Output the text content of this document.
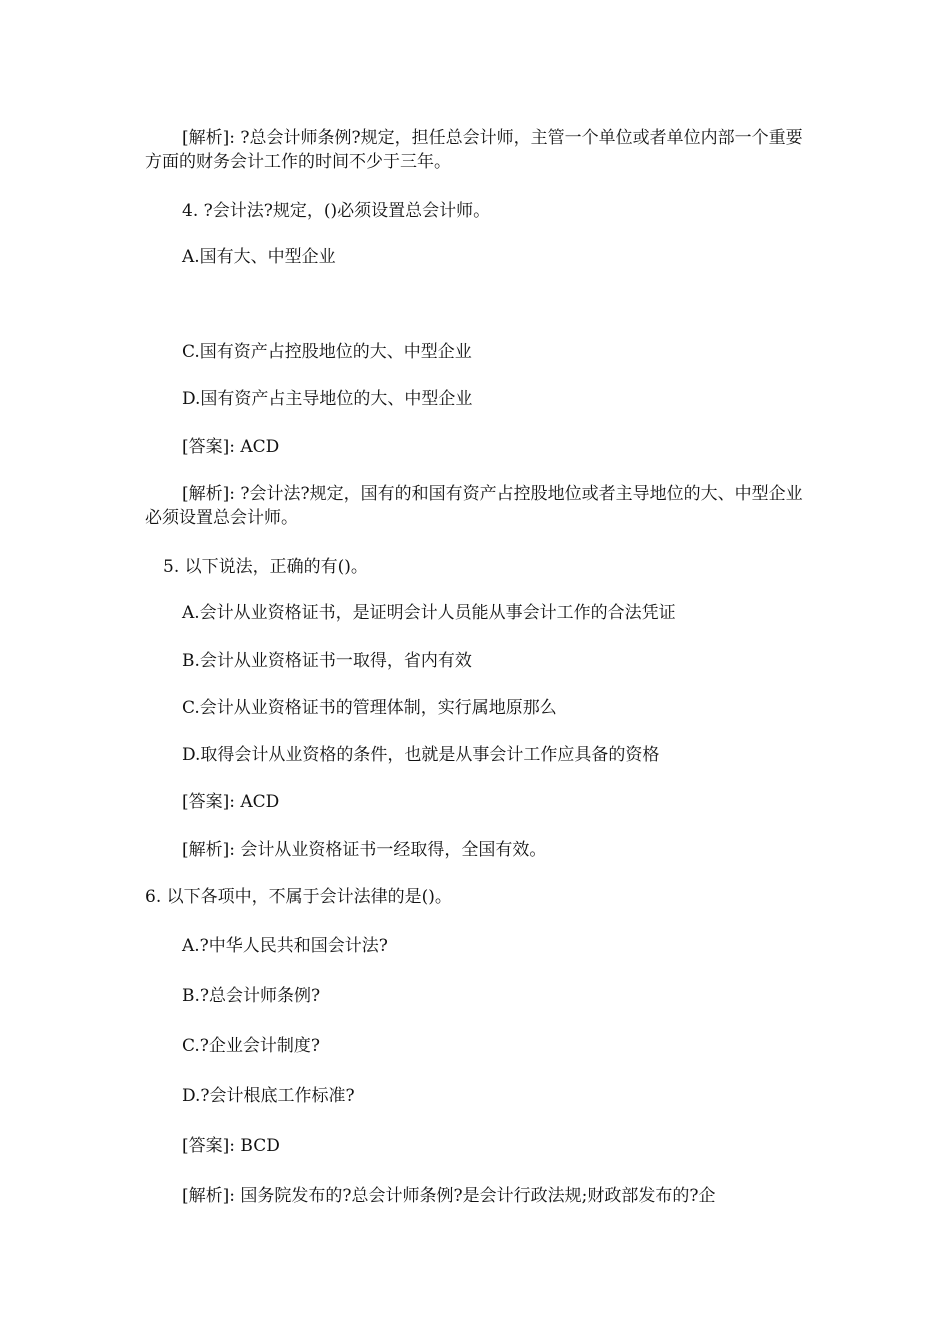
[解析]: ?总会计师条例?规定，担任总会计师，主管一个单位或者单位内部一个重要方面的财务会计工作的时间不少于三年。

4. ?会计法?规定，()必须设置总会计师。

A.国有大、中型企业

C.国有资产占控股地位的大、中型企业

D.国有资产占主导地位的大、中型企业

[答案]: ACD

[解析]: ?会计法?规定，国有的和国有资产占控股地位或者主导地位的大、中型企业必须设置总会计师。

5. 以下说法，正确的有()。

A.会计从业资格证书，是证明会计人员能从事会计工作的合法凭证

B.会计从业资格证书一取得，省内有效

C.会计从业资格证书的管理体制，实行属地原那么

D.取得会计从业资格的条件，也就是从事会计工作应具备的资格

[答案]: ACD

[解析]: 会计从业资格证书一经取得，全国有效。

6. 以下各项中，不属于会计法律的是()。

A.?中华人民共和国会计法?

B.?总会计师条例?

C.?企业会计制度?

D.?会计根底工作标准?

[答案]: BCD

[解析]: 国务院发布的?总会计师条例?是会计行政法规;财政部发布的?企
